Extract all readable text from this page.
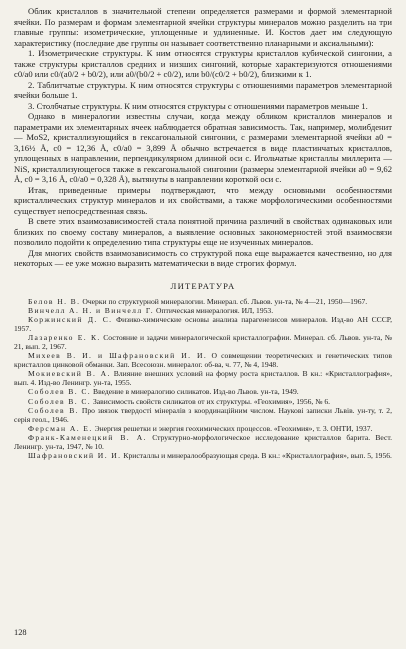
Облик кристаллов в значительной степени определяется размерами и формой элементарной ячейки. По размерам и формам элементарной ячейки структуры минералов можно разделить на три главные группы: изометрические, уплощенные и удлиненные. И. Костов дает им следующую характеристику (последние две группы он называет соответственно планарными и аксиальными):

1. Изометрические структуры. К ним относятся структуры кристаллов кубической сингонии, а также структуры кристаллов средних и низших сингоний, которые характеризуются отношениями c0/a0 или c0/(a0/2 + b0/2), или a0/(b0/2 + c0/2), или b0/(c0/2 + b0/2), близкими к 1.

2. Таблитчатые структуры. К ним относятся структуры с отношениями параметров элементарной ячейки больше 1.

3. Столбчатые структуры. К ним относятся структуры с отношениями параметров меньше 1.

Однако в минералогии известны случаи, когда между обликом кристаллов минералов и параметрами их элементарных ячеек наблюдается обратная зависимость. Так, например, молибденит — MoS2, кристаллизующийся в гексагональной сингонии, с размерами элементарной ячейки a0 = 3,16½ Å, c0 = 12,36 Å, c0/a0 = 3,899 Å обычно встречается в виде пластинчатых кристаллов, уплощенных в направлении, перпендикулярном длинной оси c. Игольчатые кристаллы миллерита — NiS, кристаллизующегося также в гексагональной сингонии (размеры элементарной ячейки a0 = 9,62 Å, c0 = 3,16 Å, c0/a0 = 0,328 Å), вытянуты в направлении короткой оси c.

Итак, приведенные примеры подтверждают, что между основными особенностями кристаллических структур минералов и их свойствами, а также морфологическими особенностями существует непосредственная связь.

В свете этих взаимозависимостей стала понятной причина различий в свойствах одинаковых или близких по своему составу минералов, а выявление основных закономерностей этой взаимосвязи позволило подойти к определению типа структуры еще не изученных минералов.

Для многих свойств взаимозависимость со структурой пока еще выражается качественно, но для некоторых — ее уже можно выразить математически в виде строгих формул.

ЛИТЕРАТУРА

Белов Н. В. Очерки по структурной минералогии. Минерал. сб. Львов. ун-та, № 4—21, 1950—1967.

Винчелл А. Н. и Винчелл Г. Оптическая минералогия. ИЛ, 1953.

Коржинский Д. С. Физико-химические основы анализа парагенезисов минералов. Изд-во АН СССР, 1957.

Лазаренко Е. К. Состояние и задачи минералогической кристаллографии. Минерал. сб. Львов. ун-та, № 21, вып. 2, 1967.

Михеев В. И. и Шафрановский И. И. О совмещении теоретических и генетических типов кристаллов цинковой обманки. Зап. Всесоюзн. минералог. об-ва, ч. 77, № 4, 1948.

Мокиевский В. А. Влияние внешних условий на форму роста кристаллов. В кн.: «Кристаллография», вып. 4. Изд-во Ленингр. ун-та, 1955.

Соболев В. С. Введение в минералогию силикатов. Изд-во Львов. ун-та, 1949.

Соболев В. С. Зависимость свойств силикатов от их структуры. «Геохимия», 1956, № 6.

Соболев В. Про звязок твердості мінералів з координаційним числом. Наукові записки Львів. ун-ту, т. 2, серія геол., 1946.

Ферсман А. Е. Энергия решетки и энергия геохимических процессов. «Геохимия», т. 3. ОНТИ, 1937.

Франк-Каменецкий В. А. Структурно-морфологическое исследование кристаллов барита. Вест. Ленингр. ун-та, 1947, № 10.

Шафрановский И. И. Кристаллы и минералообразующая среда. В кн.: «Кристаллография», вып. 5, 1956.

128
